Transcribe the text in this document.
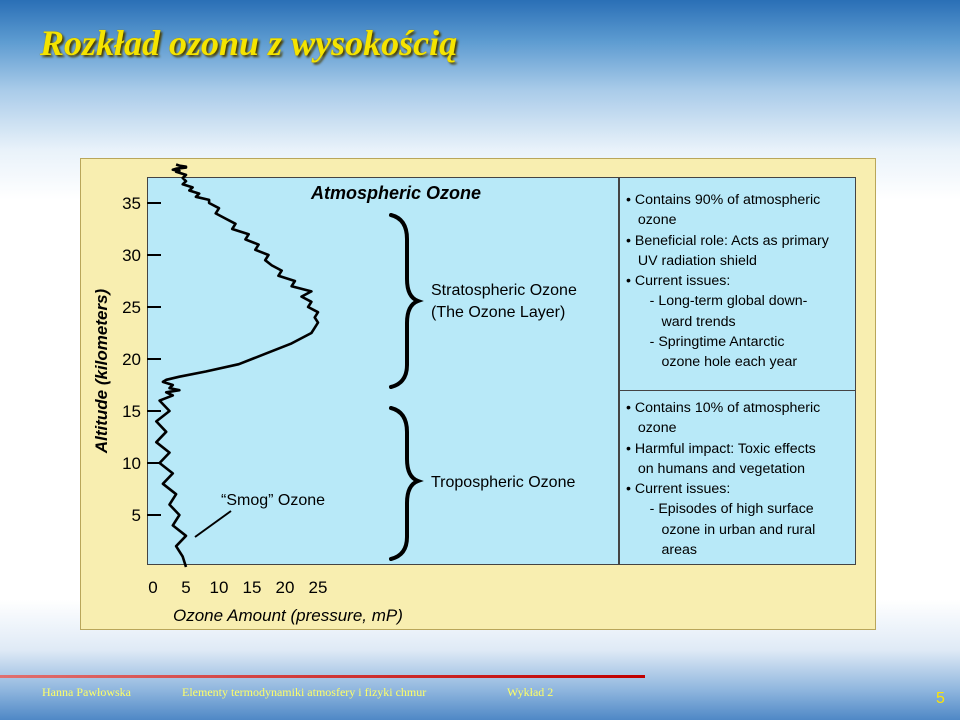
Rozkład ozonu z wysokością
• Contains 90% of atmospheric
ozone
• Beneficial role: Acts as primary
UV radiation shield
• Current issues:
- Long-term global down-
ward trends
- Springtime Antarctic
ozone hole each year
• Contains 10% of atmospheric
ozone
• Harmful impact: Toxic effects
on humans and vegetation
• Current issues:
- Episodes of high surface
ozone in urban and rural
areas
5
10
15
20
25
30
35
0 5 10 15 20 25
Altitude (kilometers)
Ozone Amount (pressure, mP)
Atmospheric Ozone
Stratospheric Ozone
(The Ozone Layer)
Tropospheric Ozone
“Smog” Ozone
Hanna Pawłowska	Elementy termodynamiki atmosfery i fizyki chmur	Wykład 2	5
